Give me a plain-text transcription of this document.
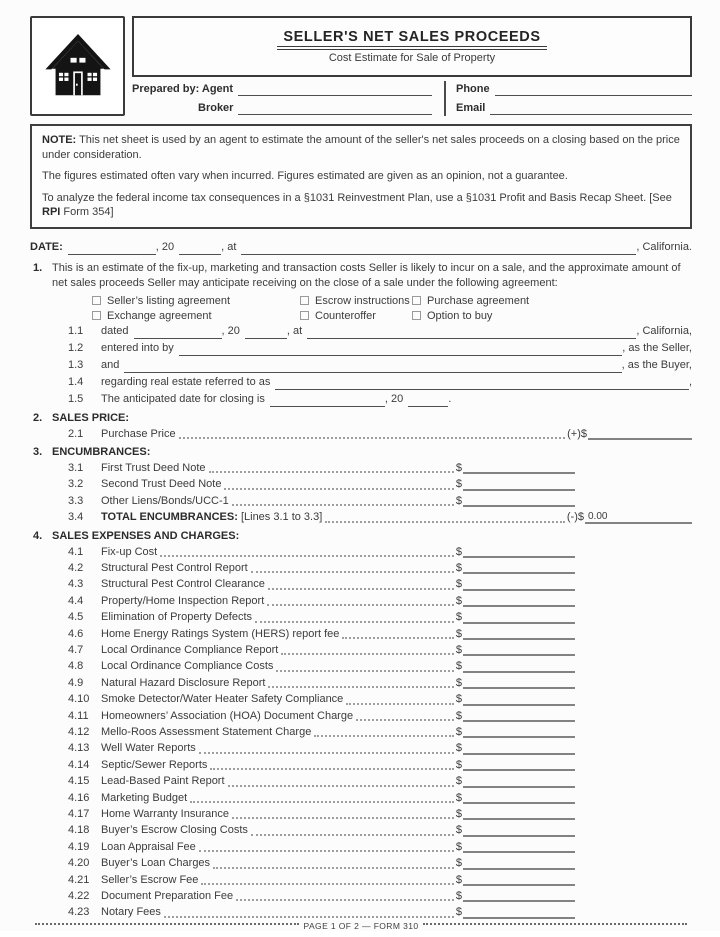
SELLER'S NET SALES PROCEEDS
Cost Estimate for Sale of Property
Prepared by: Agent
Broker
Phone
Email

NOTE: This net sheet is used by an agent to estimate the amount of the seller's net sales proceeds on a closing based on the price under consideration.

The figures estimated often vary when incurred. Figures estimated are given as an opinion, not a guarantee.

To analyze the federal income tax consequences in a §1031 Reinvestment Plan, use a §1031 Profit and Basis Recap Sheet. [See RPI Form 354]

DATE:	, 20	, at	, California.
1. This is an estimate of the fix-up, marketing and transaction costs Seller is likely to incur on a sale, and the approximate amount of net sales proceeds Seller may anticipate receiving on the close of a sale under the following agreement:
Seller’s listing agreement	Escrow instructions Purchase agreement
Exchange agreement	Counteroffer	Option to buy
1.1	dated	, 20	, at	, California,
1.2	entered into by	, as the Seller,
1.3	and	, as the Buyer,
1.4	regarding real estate referred to as	,
1.5	The anticipated date for closing is	, 20	.
2. SALES PRICE:
2.1	Purchase Price	(+)$
3. ENCUMBRANCES:
3.1	First Trust Deed Note	$
3.2	Second Trust Deed Note	$
3.3	Other Liens/Bonds/UCC-1	$
3.4	TOTAL ENCUMBRANCES: [Lines 3.1 to 3.3]	(-)$ 0.00
4. SALES EXPENSES AND CHARGES:
4.1	Fix-up Cost	$
4.2	Structural Pest Control Report	$
4.3	Structural Pest Control Clearance	$
4.4	Property/Home Inspection Report	$
4.5	Elimination of Property Defects	$
4.6	Home Energy Ratings System (HERS) report fee	$
4.7	Local Ordinance Compliance Report	$
4.8	Local Ordinance Compliance Costs	$
4.9	Natural Hazard Disclosure Report	$
4.10	Smoke Detector/Water Heater Safety Compliance	$
4.11	Homeowners’ Association (HOA) Document Charge	$
4.12	Mello-Roos Assessment Statement Charge	$
4.13	Well Water Reports	$
4.14	Septic/Sewer Reports	$
4.15	Lead-Based Paint Report	$
4.16	Marketing Budget	$
4.17	Home Warranty Insurance	$
4.18	Buyer’s Escrow Closing Costs	$
4.19	Loan Appraisal Fee	$
4.20	Buyer’s Loan Charges	$
4.21	Seller’s Escrow Fee	$
4.22	Document Preparation Fee	$
4.23	Notary Fees	$
PAGE 1 OF 2 — FORM 310
